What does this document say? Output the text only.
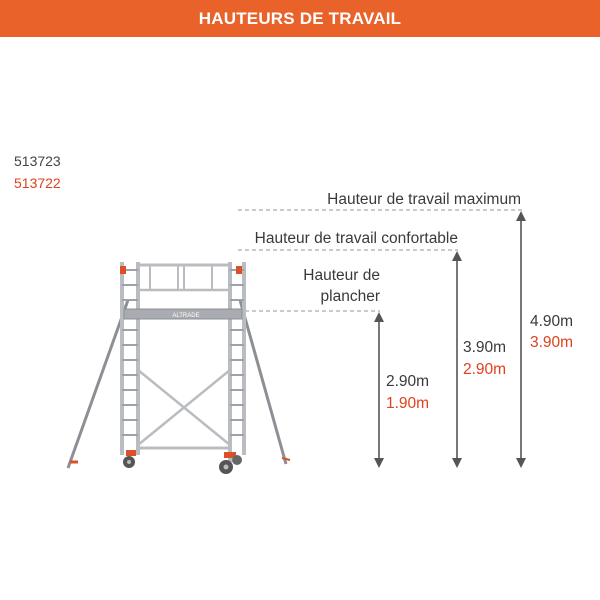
HAUTEURS DE TRAVAIL
513723
513722
ALTRADE
Hauteur de travail maximum
Hauteur de travail confortable
Hauteur de
plancher
2.90m
1.90m
3.90m
2.90m
4.90m
3.90m
